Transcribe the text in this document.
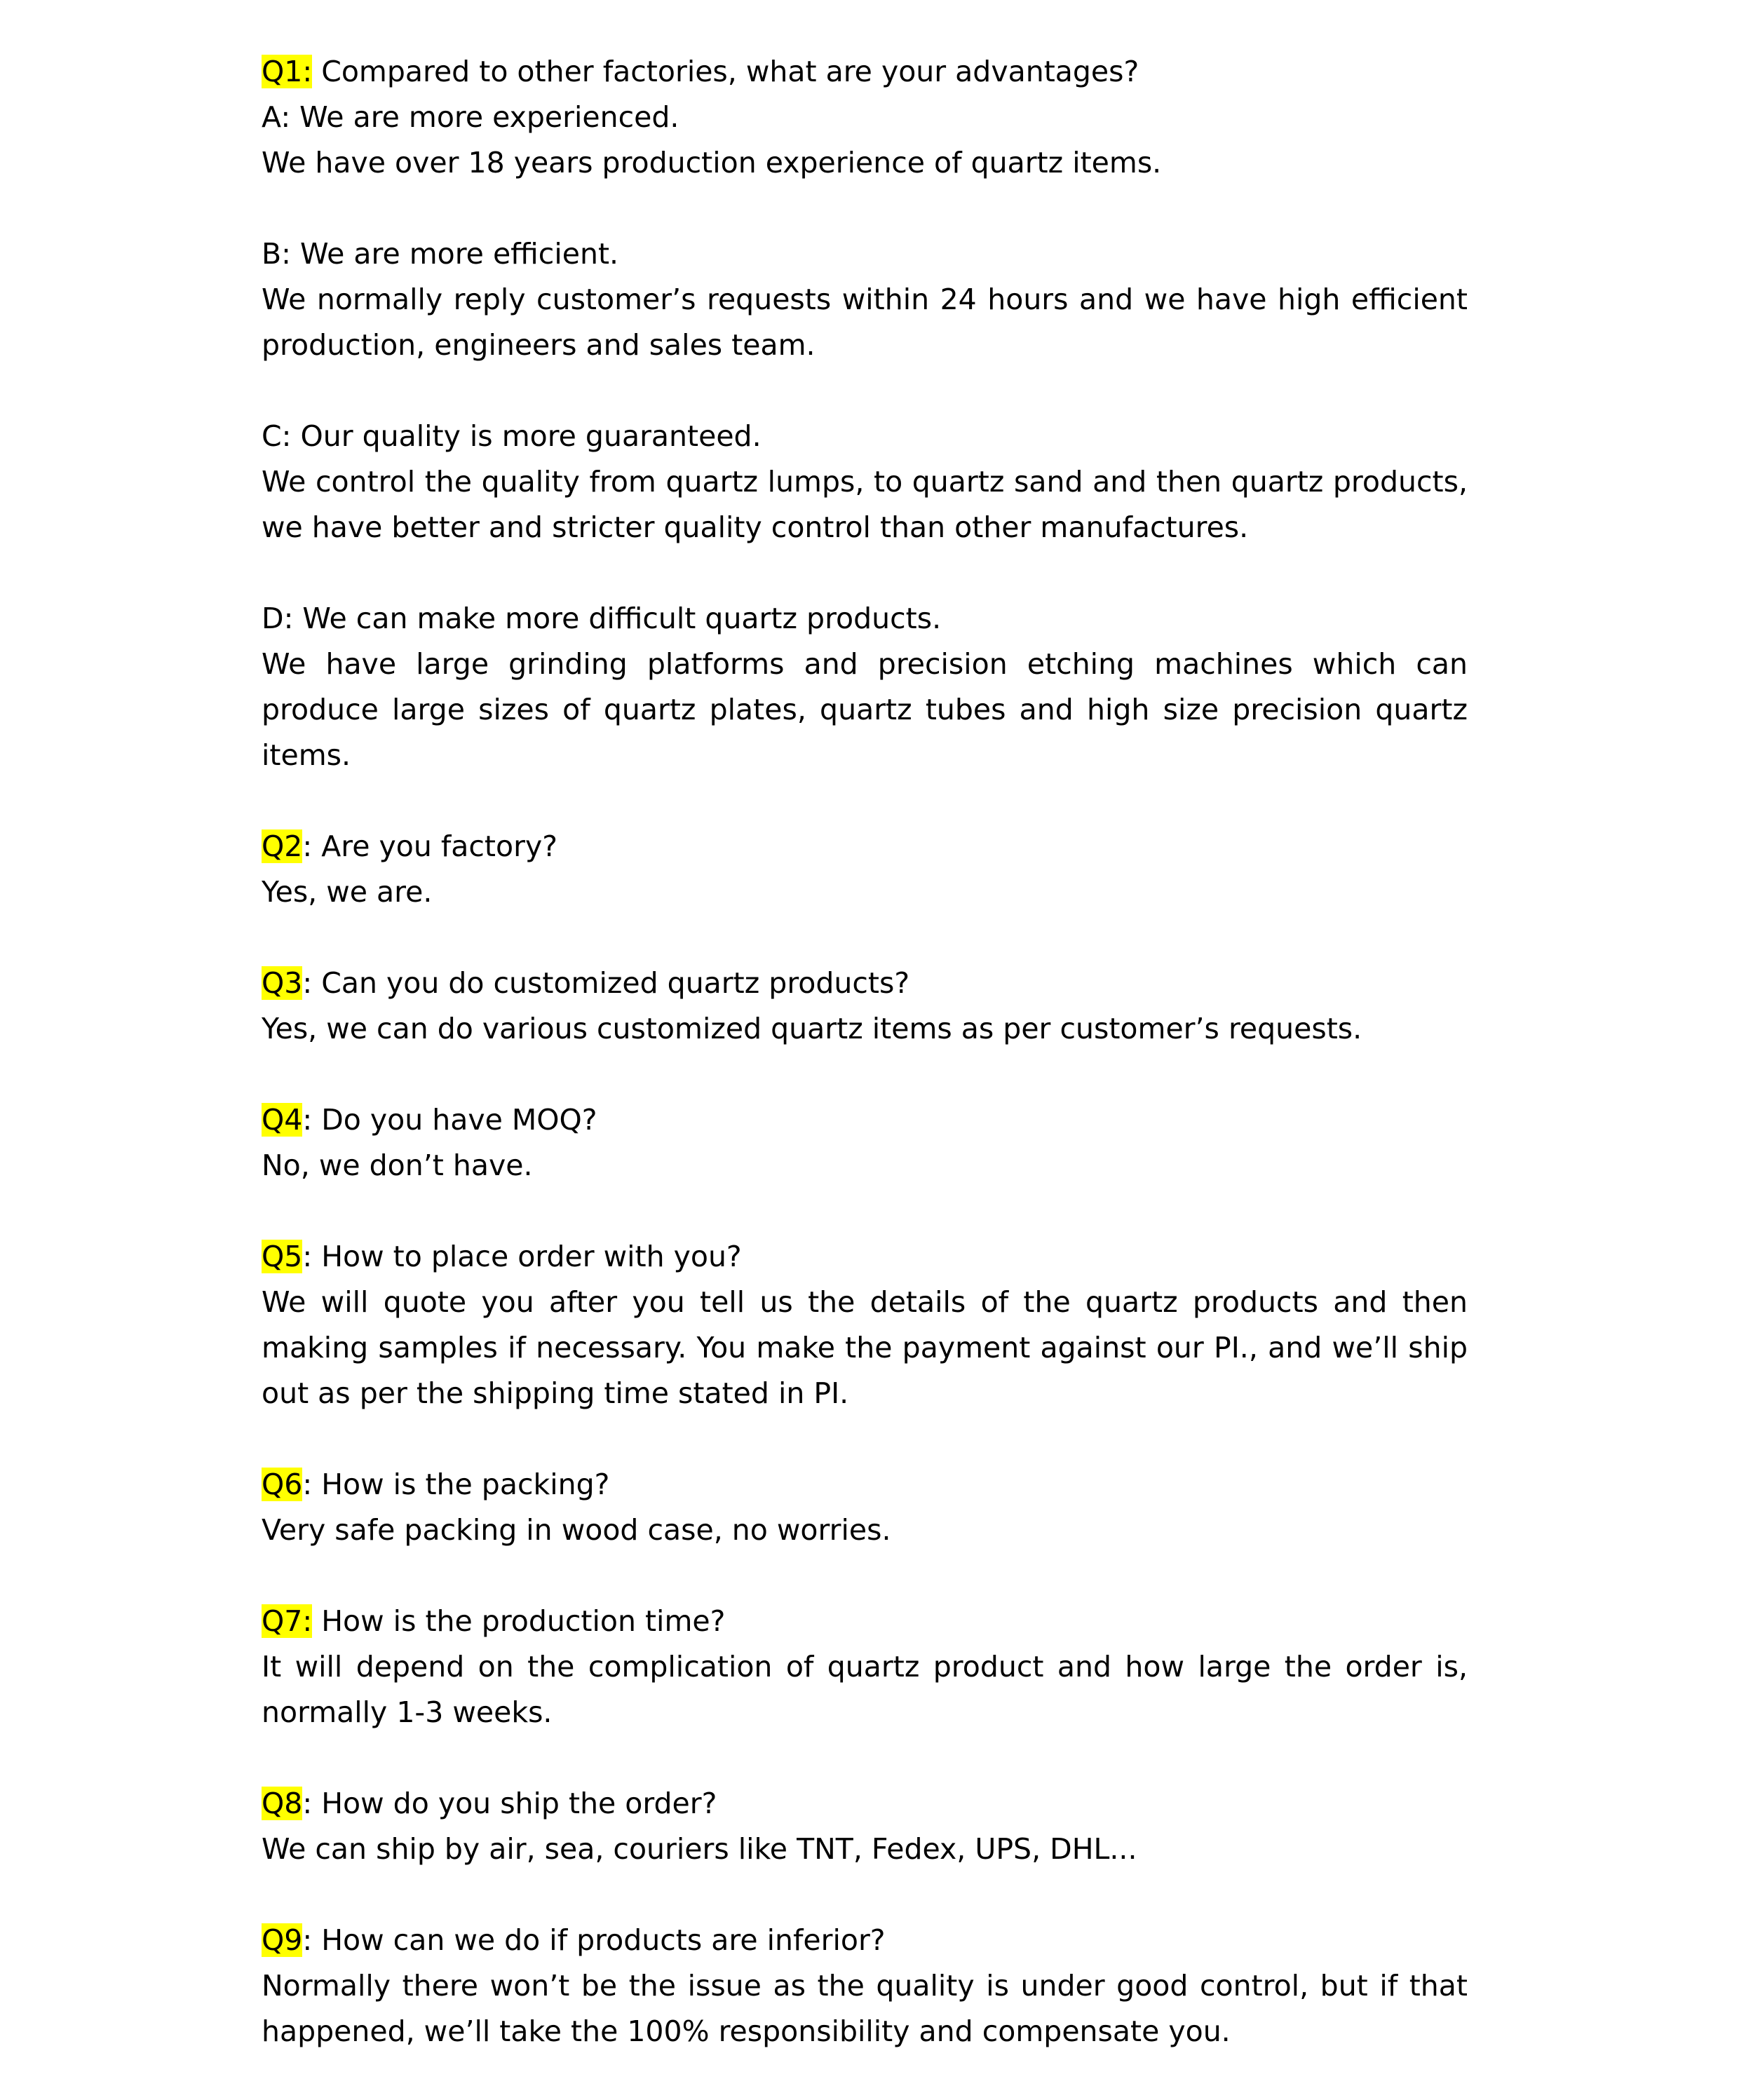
Q1: Compared to other factories, what are your advantages?
A: We are more experienced.
We have over 18 years production experience of quartz items.
B: We are more efficient.
We normally reply customer’s requests within 24 hours and we have high efficient production, engineers and sales team.
C: Our quality is more guaranteed.
We control the quality from quartz lumps, to quartz sand and then quartz products, we have better and stricter quality control than other manufactures.
D: We can make more difficult quartz products.
We have large grinding platforms and precision etching machines which can produce large sizes of quartz plates, quartz tubes and high size precision quartz items.
Q2: Are you factory?
Yes, we are.
Q3: Can you do customized quartz products?
Yes, we can do various customized quartz items as per customer’s requests.
Q4: Do you have MOQ?
No, we don’t have.
Q5: How to place order with you?
We will quote you after you tell us the details of the quartz products and then making samples if necessary. You make the payment against our PI., and we’ll ship out as per the shipping time stated in PI.
Q6: How is the packing?
Very safe packing in wood case, no worries.
Q7: How is the production time?
It will depend on the complication of quartz product and how large the order is, normally 1-3 weeks.
Q8: How do you ship the order?
We can ship by air, sea, couriers like TNT, Fedex, UPS, DHL...
Q9: How can we do if products are inferior?
Normally there won’t be the issue as the quality is under good control, but if that happened, we’ll take the 100% responsibility and compensate you.
